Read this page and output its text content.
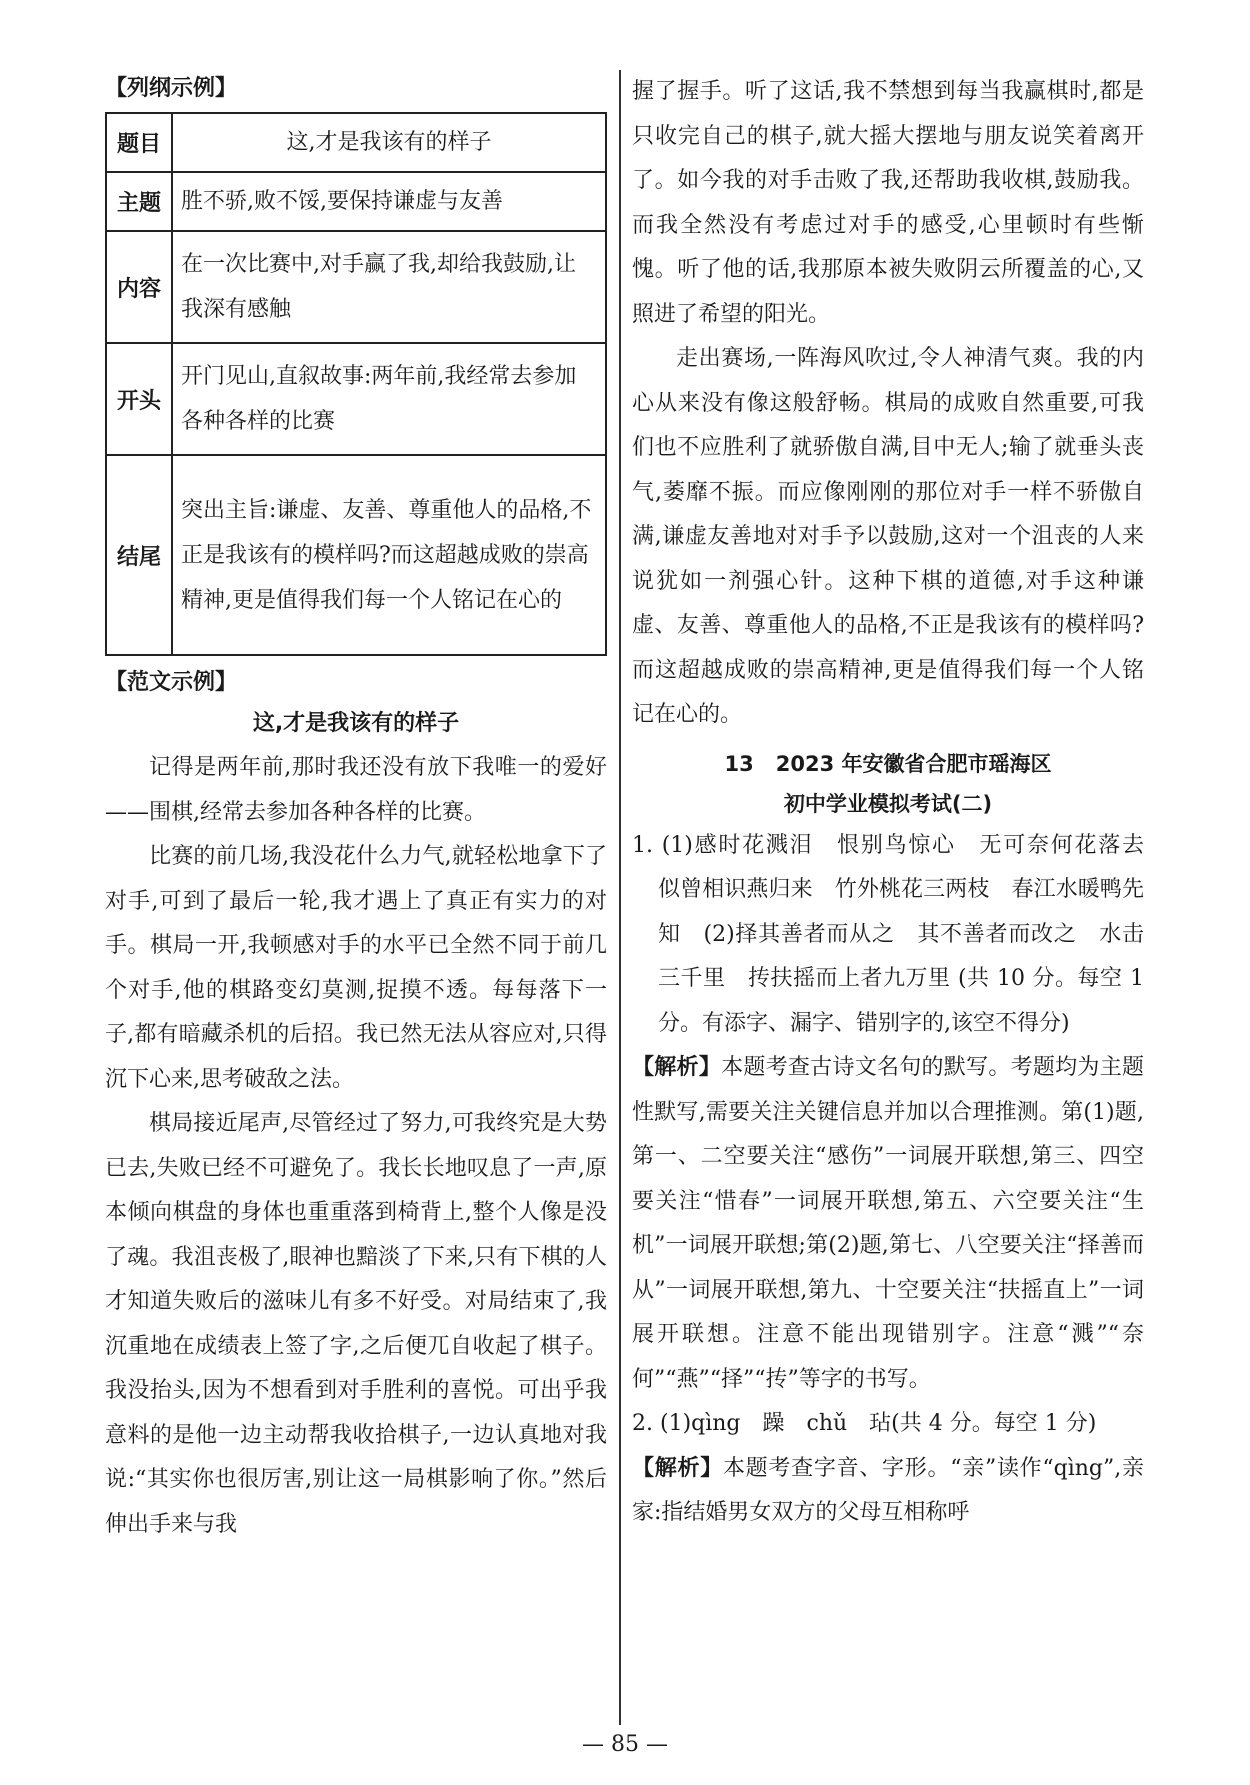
【列纲示例】
题目	这,才是我该有的样子
主题	胜不骄,败不馁,要保持谦虚与友善
内容	在一次比赛中,对手赢了我,却给我鼓励,让我深有感触
开头	开门见山,直叙故事:两年前,我经常去参加各种各样的比赛
结尾	突出主旨:谦虚、友善、尊重他人的品格,不正是我该有的模样吗?而这超越成败的崇高精神,更是值得我们每一个人铭记在心的
【范文示例】
这,才是我该有的样子

记得是两年前,那时我还没有放下我唯一的爱好——围棋,经常去参加各种各样的比赛。

比赛的前几场,我没花什么力气,就轻松地拿下了对手,可到了最后一轮,我才遇上了真正有实力的对手。棋局一开,我顿感对手的水平已全然不同于前几个对手,他的棋路变幻莫测,捉摸不透。每每落下一子,都有暗藏杀机的后招。我已然无法从容应对,只得沉下心来,思考破敌之法。

棋局接近尾声,尽管经过了努力,可我终究是大势已去,失败已经不可避免了。我长长地叹息了一声,原本倾向棋盘的身体也重重落到椅背上,整个人像是没了魂。我沮丧极了,眼神也黯淡了下来,只有下棋的人才知道失败后的滋味儿有多不好受。对局结束了,我沉重地在成绩表上签了字,之后便兀自收起了棋子。我没抬头,因为不想看到对手胜利的喜悦。可出乎我意料的是他一边主动帮我收拾棋子,一边认真地对我说:“其实你也很厉害,别让这一局棋影响了你。”然后伸出手来与我

握了握手。听了这话,我不禁想到每当我赢棋时,都是只收完自己的棋子,就大摇大摆地与朋友说笑着离开了。如今我的对手击败了我,还帮助我收棋,鼓励我。而我全然没有考虑过对手的感受,心里顿时有些惭愧。听了他的话,我那原本被失败阴云所覆盖的心,又照进了希望的阳光。

走出赛场,一阵海风吹过,令人神清气爽。我的内心从来没有像这般舒畅。棋局的成败自然重要,可我们也不应胜利了就骄傲自满,目中无人;输了就垂头丧气,萎靡不振。而应像刚刚的那位对手一样不骄傲自满,谦虚友善地对对手予以鼓励,这对一个沮丧的人来说犹如一剂强心针。这种下棋的道德,对手这种谦虚、友善、尊重他人的品格,不正是我该有的模样吗?而这超越成败的崇高精神,更是值得我们每一个人铭记在心的。

13 2023 年安徽省合肥市瑶海区
初中学业模拟考试(二)

1. (1)感时花溅泪　恨别鸟惊心　无可奈何花落去　似曾相识燕归来　竹外桃花三两枝　春江水暖鸭先知　(2)择其善者而从之　其不善者而改之　水击三千里　抟扶摇而上者九万里 (共 10 分。每空 1 分。有添字、漏字、错别字的,该空不得分)

【解析】本题考查古诗文名句的默写。考题均为主题性默写,需要关注关键信息并加以合理推测。第(1)题,第一、二空要关注“感伤”一词展开联想,第三、四空要关注“惜春”一词展开联想,第五、六空要关注“生机”一词展开联想;第(2)题,第七、八空要关注“择善而从”一词展开联想,第九、十空要关注“扶摇直上”一词展开联想。注意不能出现错别字。注意“溅”“奈何”“燕”“择”“抟”等字的书写。

2. (1)qìng　躁　chǔ　玷(共 4 分。每空 1 分)

【解析】本题考查字音、字形。“亲”读作“qìng”,亲家:指结婚男女双方的父母互相称呼

— 85 —
